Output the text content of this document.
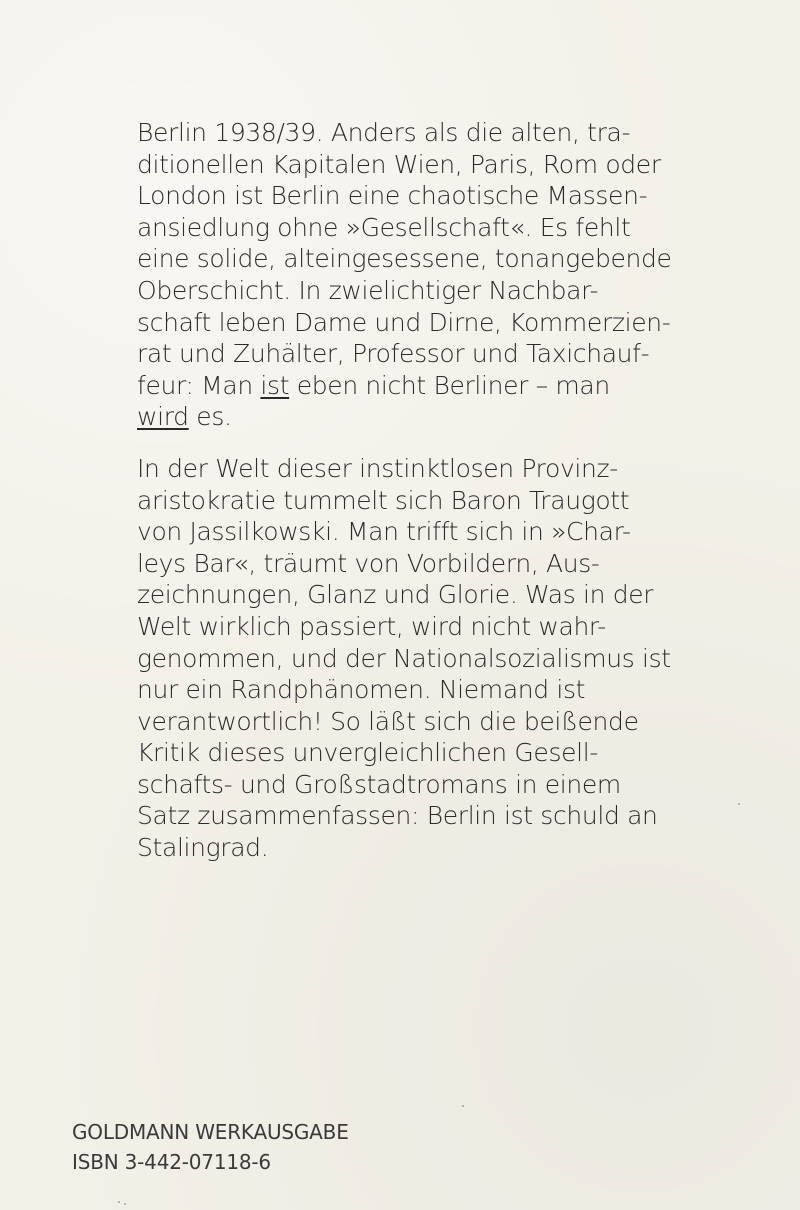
Berlin 1938/39. Anders als die alten, tra-
ditionellen Kapitalen Wien, Paris, Rom oder
London ist Berlin eine chaotische Massen-
ansiedlung ohne »Gesellschaft«. Es fehlt
eine solide, alteingesessene, tonangebende
Oberschicht. In zwielichtiger Nachbar-
schaft leben Dame und Dirne, Kommerzien-
rat und Zuhälter, Professor und Taxichauf-
feur: Man ist eben nicht Berliner – man
wird es.

In der Welt dieser instinktlosen Provinz-
aristokratie tummelt sich Baron Traugott
von Jassilkowski. Man trifft sich in »Char-
leys Bar«, träumt von Vorbildern, Aus-
zeichnungen, Glanz und Glorie. Was in der
Welt wirklich passiert, wird nicht wahr-
genommen, und der Nationalsozialismus ist
nur ein Randphänomen. Niemand ist
verantwortlich! So läßt sich die beißende
Kritik dieses unvergleichlichen Gesell-
schafts- und Großstadtromans in einem
Satz zusammenfassen: Berlin ist schuld an
Stalingrad.

GOLDMANN WERKAUSGABE
ISBN 3-442-07118-6
